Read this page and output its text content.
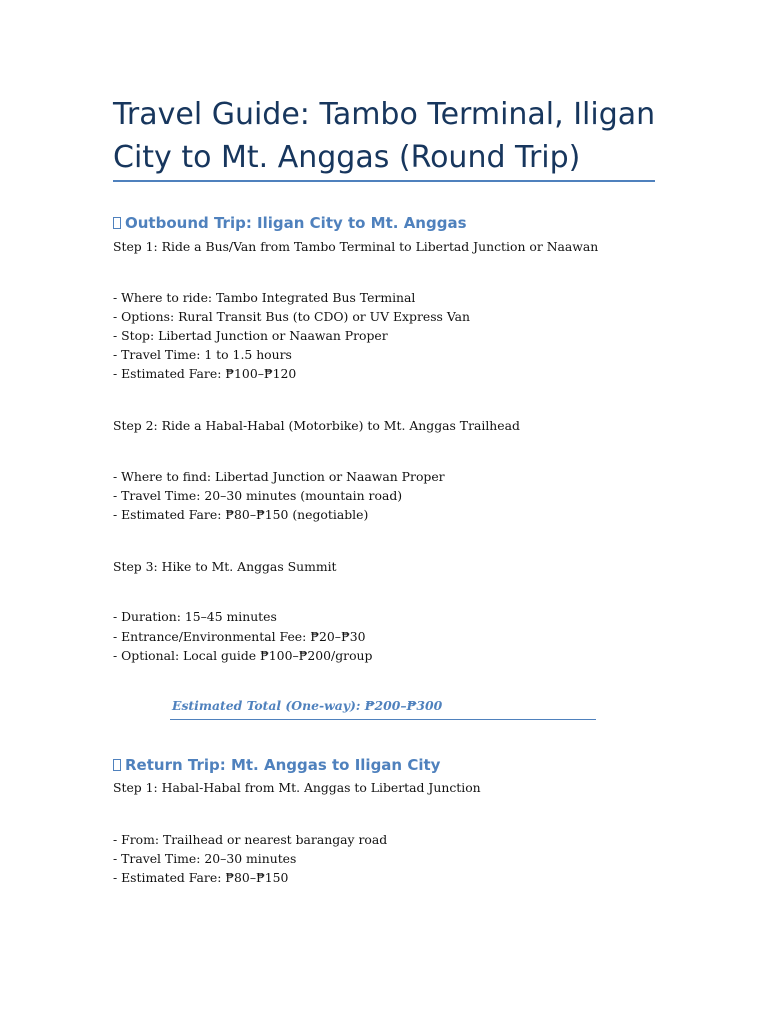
Travel Guide: Tambo Terminal, Iligan City to Mt. Anggas (Round Trip)
Outbound Trip: Iligan City to Mt. Anggas
Step 1: Ride a Bus/Van from Tambo Terminal to Libertad Junction or Naawan
- Where to ride: Tambo Integrated Bus Terminal
- Options: Rural Transit Bus (to CDO) or UV Express Van
- Stop: Libertad Junction or Naawan Proper
- Travel Time: 1 to 1.5 hours
- Estimated Fare: ₱100–₱120
Step 2: Ride a Habal-Habal (Motorbike) to Mt. Anggas Trailhead
- Where to find: Libertad Junction or Naawan Proper
- Travel Time: 20–30 minutes (mountain road)
- Estimated Fare: ₱80–₱150 (negotiable)
Step 3: Hike to Mt. Anggas Summit
- Duration: 15–45 minutes
- Entrance/Environmental Fee: ₱20–₱30
- Optional: Local guide ₱100–₱200/group
Estimated Total (One-way): ₱200–₱300
Return Trip: Mt. Anggas to Iligan City
Step 1: Habal-Habal from Mt. Anggas to Libertad Junction
- From: Trailhead or nearest barangay road
- Travel Time: 20–30 minutes
- Estimated Fare: ₱80–₱150
